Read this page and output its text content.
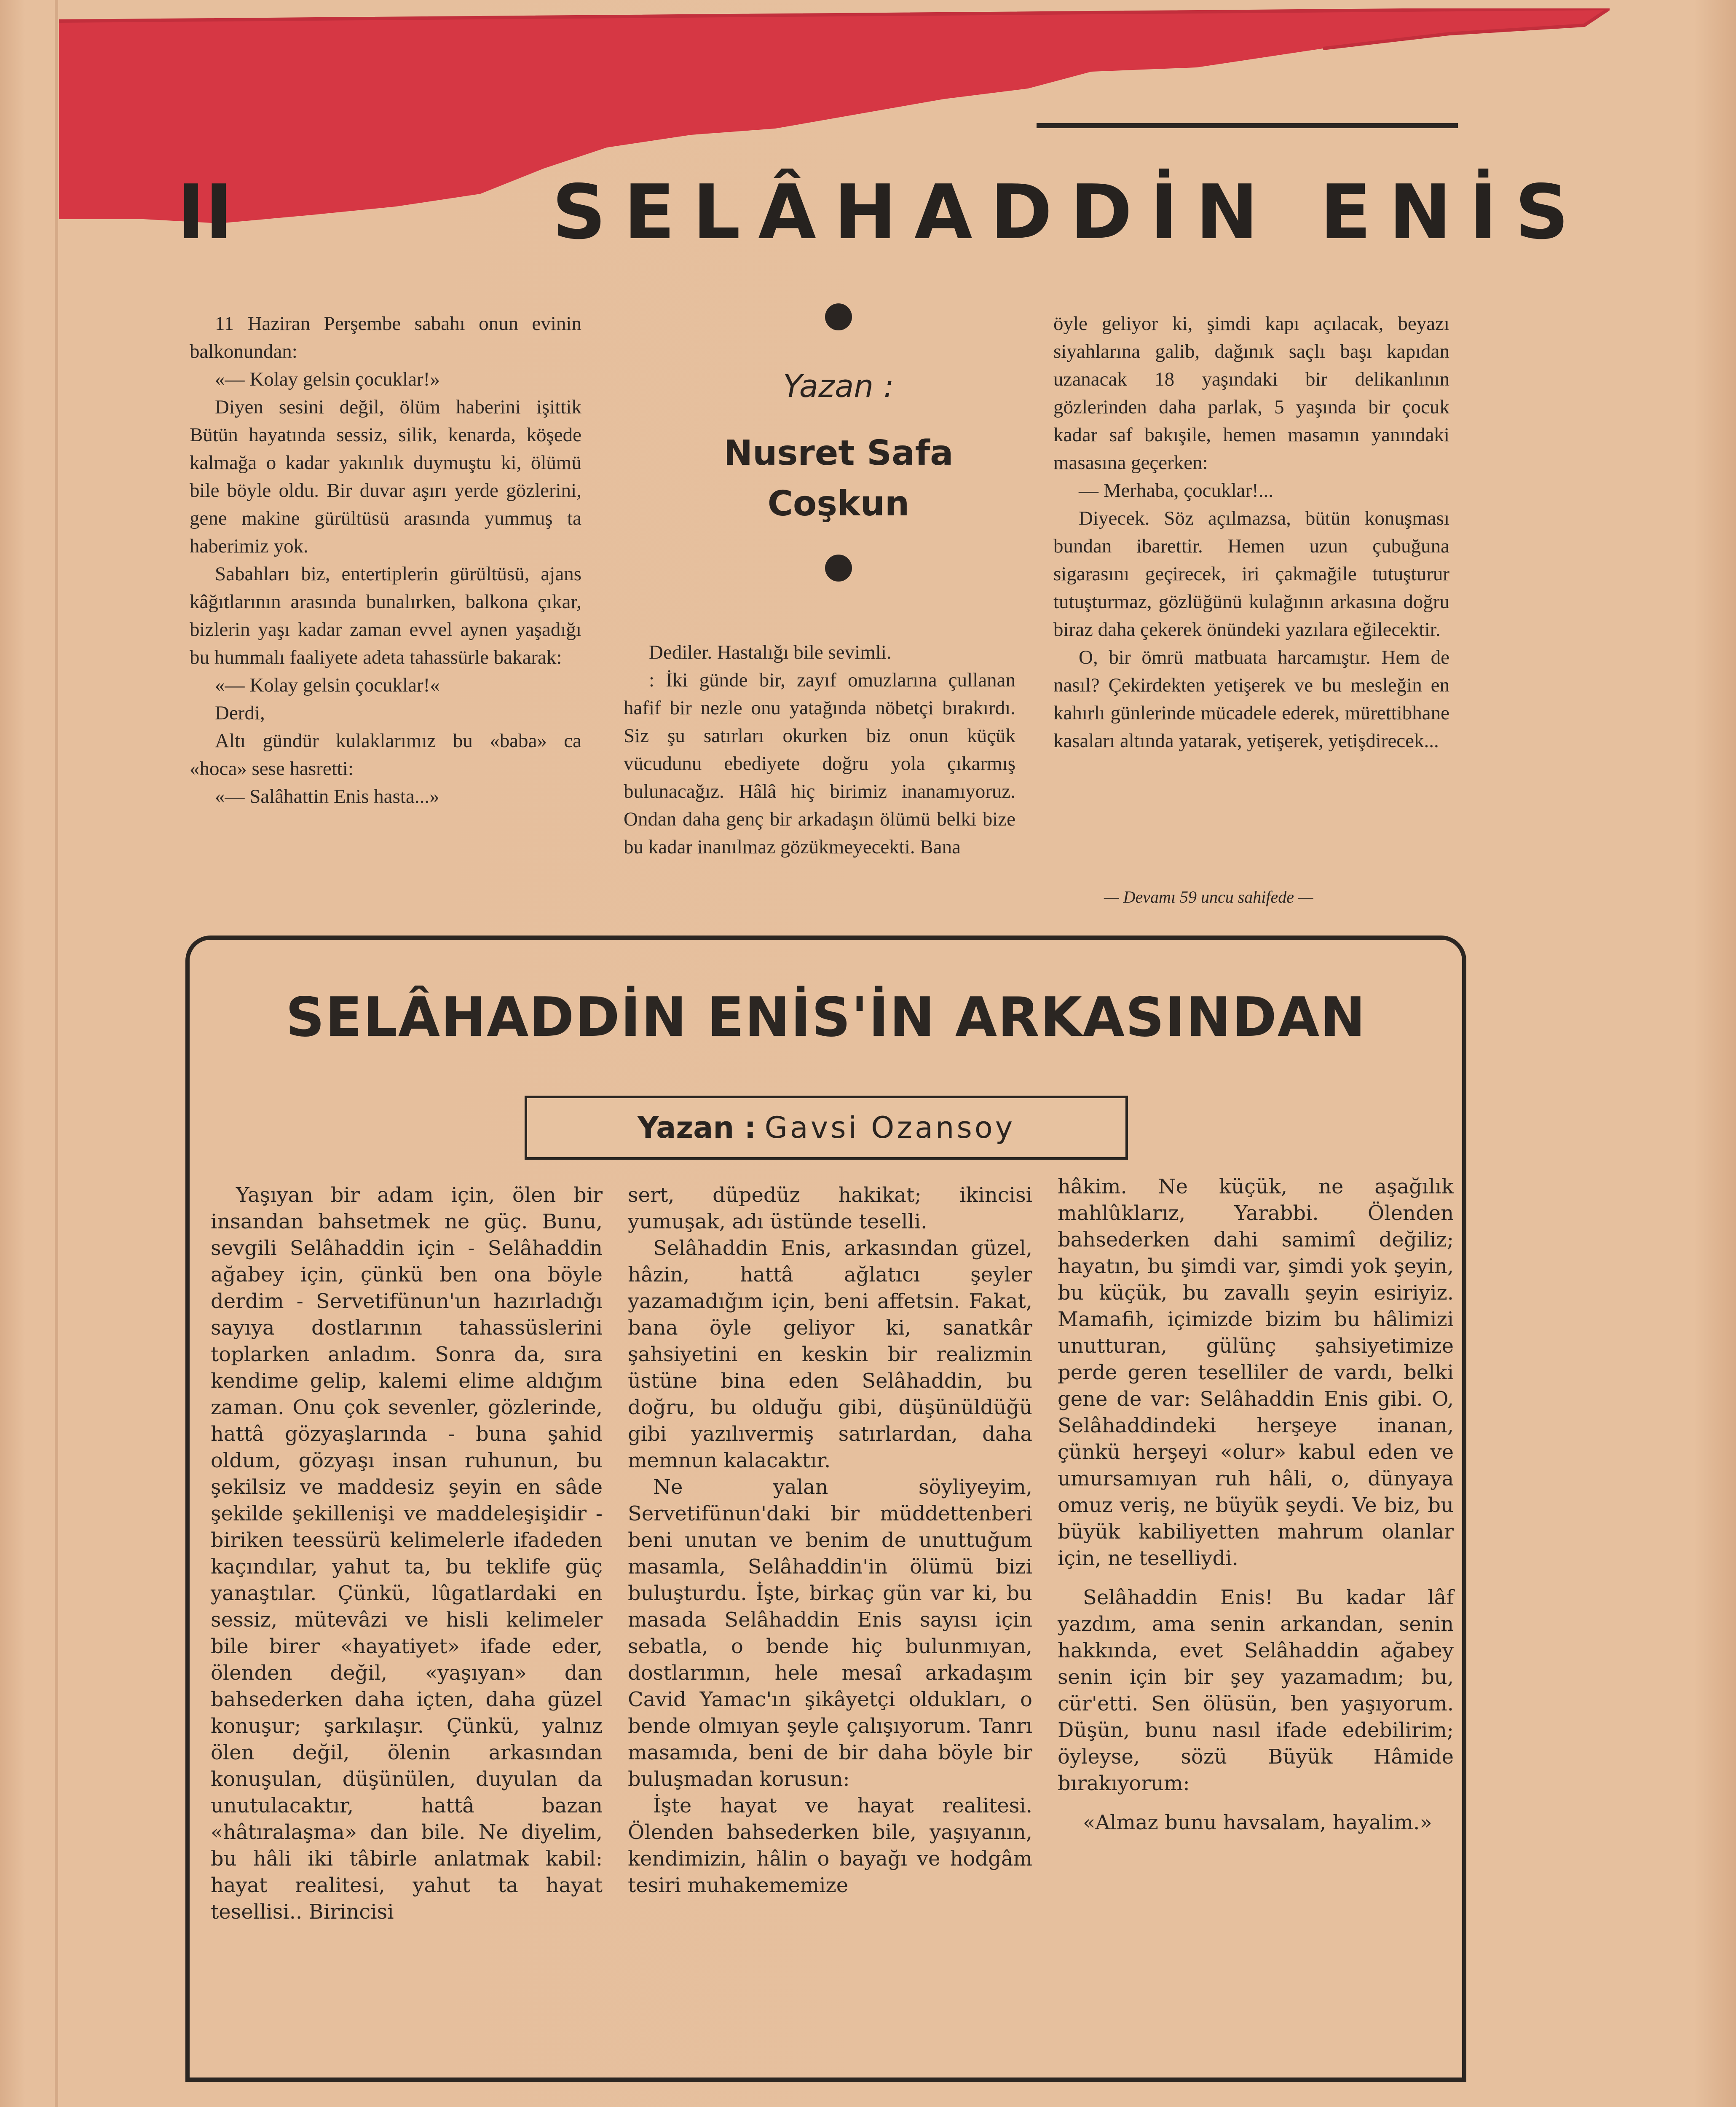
II	SELÂHADDİN ENİS

11 Haziran Perşembe sabahı onun evinin balkonundan:

«— Kolay gelsin çocuklar!»

Diyen sesini değil, ölüm haberini işittik Bütün hayatında sessiz, silik, kenarda, köşede kalmağa o kadar yakınlık duymuştu ki, ölümü bile böyle oldu. Bir duvar aşırı yerde gözlerini, gene makine gürültüsü arasında yummuş ta haberimiz yok.

Sabahları biz, entertiplerin gürültüsü, ajans kâğıtlarının arasında bunalırken, balkona çıkar, bizlerin yaşı kadar zaman evvel aynen yaşadığı bu hummalı faaliyete adeta tahassürle bakarak:

«— Kolay gelsin çocuklar!«

Derdi,

Altı gündür kulaklarımız bu «baba» ca «hoca» sese hasretti:

«— Salâhattin Enis hasta...»

Yazan :
Nusret Safa
Coşkun

Dediler. Hastalığı bile sevimli.

: İki günde bir, zayıf omuzlarına çullanan hafif bir nezle onu yatağında nöbetçi bırakırdı. Siz şu satırları okurken biz onun küçük vücudunu ebediyete doğru yola çıkarmış bulunacağız. Hâlâ hiç birimiz inanamıyoruz. Ondan daha genç bir arkadaşın ölümü belki bize bu kadar inanılmaz gözükmeyecekti. Bana

öyle geliyor ki, şimdi kapı açılacak, beyazı siyahlarına galib, dağınık saçlı başı kapıdan uzanacak 18 yaşındaki bir delikanlının gözlerinden daha parlak, 5 yaşında bir çocuk kadar saf bakışile, hemen masamın yanındaki masasına geçerken:

— Merhaba, çocuklar!...

Diyecek. Söz açılmazsa, bütün konuşması bundan ibarettir. Hemen uzun çubuğuna sigarasını geçirecek, iri çakmağile tutuşturur tutuşturmaz, gözlüğünü kulağının arkasına doğru biraz daha çekerek önündeki yazılara eğilecektir.

O, bir ömrü matbuata harcamıştır. Hem de nasıl? Çekirdekten yetişerek ve bu mesleğin en kahırlı günlerinde mücadele ederek, mürettibhane kasaları altında yatarak, yetişerek, yetişdirecek...

— Devamı 59 uncu sahifede —
SELÂHADDİN ENİS'İN ARKASINDAN
Yazan : Gavsi Ozansoy

Yaşıyan bir adam için, ölen bir insandan bahsetmek ne güç. Bunu, sevgili Selâhaddin için - Selâhaddin ağabey için, çünkü ben ona böyle derdim - Servetifünun'un hazırladığı sayıya dostlarının tahassüslerini toplarken anladım. Sonra da, sıra kendime gelip, kalemi elime aldığım zaman. Onu çok sevenler, gözlerinde, hattâ gözyaşlarında - buna şahid oldum, gözyaşı insan ruhunun, bu şekilsiz ve maddesiz şeyin en sâde şekilde şekillenişi ve maddeleşişidir - biriken teessürü kelimelerle ifadeden kaçındılar, yahut ta, bu teklife güç yanaştılar. Çünkü, lûgatlardaki en sessiz, mütevâzi ve hisli kelimeler bile birer «hayatiyet» ifade eder, ölenden değil, «yaşıyan» dan bahsederken daha içten, daha güzel konuşur; şarkılaşır. Çünkü, yalnız ölen değil, ölenin arkasından konuşulan, düşünülen, duyulan da unutulacaktır, hattâ bazan «hâtıralaşma» dan bile. Ne diyelim, bu hâli iki tâbirle anlatmak kabil: hayat realitesi, yahut ta hayat tesellisi.. Birincisi

sert, düpedüz hakikat; ikincisi yumuşak, adı üstünde teselli.

Selâhaddin Enis, arkasından güzel, hâzin, hattâ ağlatıcı şeyler yazamadığım için, beni affetsin. Fakat, bana öyle geliyor ki, sanatkâr şahsiyetini en keskin bir realizmin üstüne bina eden Selâhaddin, bu doğru, bu olduğu gibi, düşünüldüğü gibi yazılıvermiş satırlardan, daha memnun kalacaktır.

Ne yalan söyliyeyim, Servetifünun'daki bir müddettenberi beni unutan ve benim de unuttuğum masamla, Selâhaddin'in ölümü bizi buluşturdu. İşte, birkaç gün var ki, bu masada Selâhaddin Enis sayısı için sebatla, o bende hiç bulunmıyan, dostlarımın, hele mesaî arkadaşım Cavid Yamac'ın şikâyetçi oldukları, o bende olmıyan şeyle çalışıyorum. Tanrı masamıda, beni de bir daha böyle bir buluşmadan korusun:

İşte hayat ve hayat realitesi. Ölenden bahsederken bile, yaşıyanın, kendimizin, hâlin o bayağı ve hodgâm tesiri muhakememize

hâkim. Ne küçük, ne aşağılık mahlûklarız, Yarabbi. Ölenden bahsederken dahi samimî değiliz; hayatın, bu şimdi var, şimdi yok şeyin, bu küçük, bu zavallı şeyin esiriyiz. Mamafih, içimizde bizim bu hâlimizi unutturan, gülünç şahsiyetimize perde geren teselliler de vardı, belki gene de var: Selâhaddin Enis gibi. O, Selâhaddindeki herşeye inanan, çünkü herşeyi «olur» kabul eden ve umursamıyan ruh hâli, o, dünyaya omuz veriş, ne büyük şeydi. Ve biz, bu büyük kabiliyetten mahrum olanlar için, ne teselliydi.

Selâhaddin Enis! Bu kadar lâf yazdım, ama senin arkandan, senin hakkında, evet Selâhaddin ağabey senin için bir şey yazamadım; bu, cür'etti. Sen ölüsün, ben yaşıyorum. Düşün, bunu nasıl ifade edebilirim; öyleyse, sözü Büyük Hâmide bırakıyorum:

«Almaz bunu havsalam, hayalim.»
